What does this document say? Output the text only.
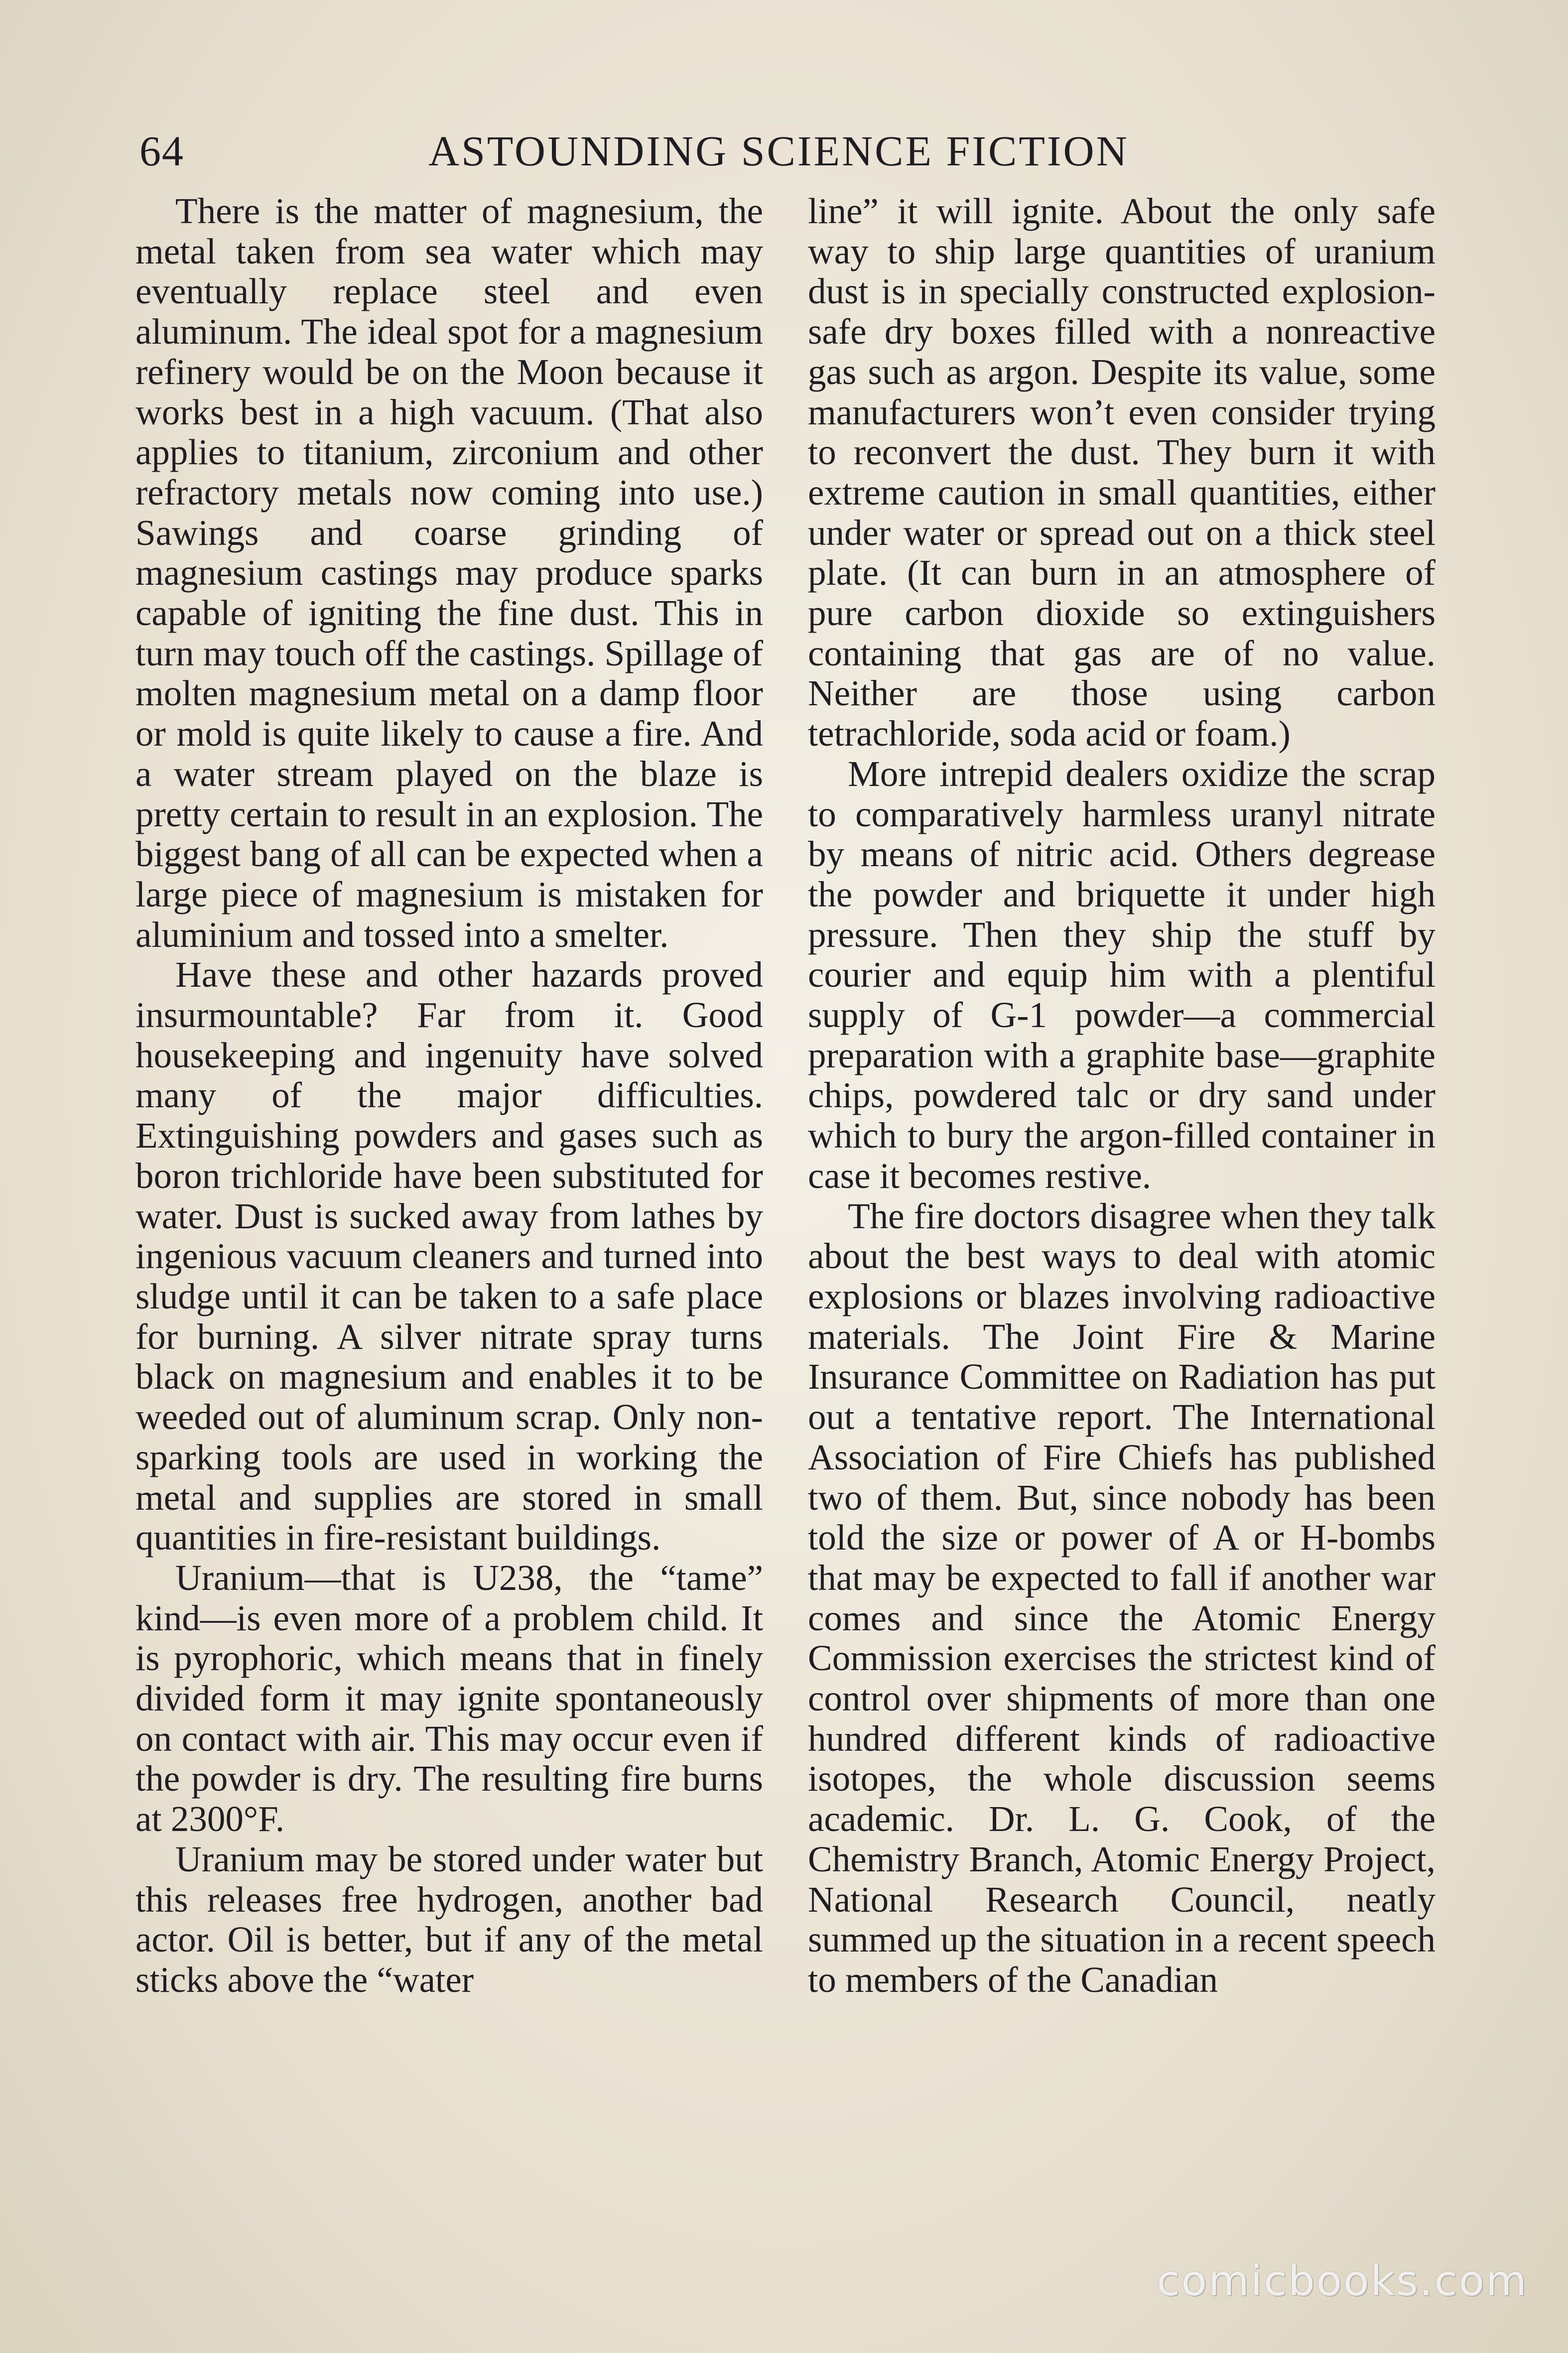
64	ASTOUNDING SCIENCE FICTION

There is the matter of magnesium, the metal taken from sea water which may eventually replace steel and even aluminum. The ideal spot for a magnesium refinery would be on the Moon because it works best in a high vacuum. (That also applies to titanium, zirconium and other refractory metals now coming into use.) Sawings and coarse grinding of magnesium castings may produce sparks capable of igniting the fine dust. This in turn may touch off the castings. Spillage of molten magnesium metal on a damp floor or mold is quite likely to cause a fire. And a water stream played on the blaze is pretty certain to result in an explosion. The biggest bang of all can be expected when a large piece of magnesium is mistaken for aluminium and tossed into a smelter.

Have these and other hazards proved insurmountable? Far from it. Good housekeeping and ingenuity have solved many of the major difficulties. Extinguishing powders and gases such as boron trichloride have been substituted for water. Dust is sucked away from lathes by ingenious vacuum cleaners and turned into sludge until it can be taken to a safe place for burning. A silver nitrate spray turns black on magnesium and enables it to be weeded out of aluminum scrap. Only non-sparking tools are used in working the metal and supplies are stored in small quantities in fire-resistant buildings.

Uranium—that is U238, the “tame” kind—is even more of a problem child. It is pyrophoric, which means that in finely divided form it may ignite spontaneously on contact with air. This may occur even if the powder is dry. The resulting fire burns at 2300°F.

Uranium may be stored under water but this releases free hydrogen, another bad actor. Oil is better, but if any of the metal sticks above the “water

line” it will ignite. About the only safe way to ship large quantities of uranium dust is in specially constructed explosion-safe dry boxes filled with a nonreactive gas such as argon. Despite its value, some manufacturers won’t even consider trying to reconvert the dust. They burn it with extreme caution in small quantities, either under water or spread out on a thick steel plate. (It can burn in an atmosphere of pure carbon dioxide so extinguishers containing that gas are of no value. Neither are those using carbon tetrachloride, soda acid or foam.)

More intrepid dealers oxidize the scrap to comparatively harmless uranyl nitrate by means of nitric acid. Others degrease the powder and briquette it under high pressure. Then they ship the stuff by courier and equip him with a plentiful supply of G-1 powder—a commercial preparation with a graphite base—graphite chips, powdered talc or dry sand under which to bury the argon-filled container in case it becomes restive.

The fire doctors disagree when they talk about the best ways to deal with atomic explosions or blazes involving radioactive materials. The Joint Fire & Marine Insurance Committee on Radiation has put out a tentative report. The International Association of Fire Chiefs has published two of them. But, since nobody has been told the size or power of A or H-bombs that may be expected to fall if another war comes and since the Atomic Energy Commission exercises the strictest kind of control over shipments of more than one hundred different kinds of radioactive isotopes, the whole discussion seems academic. Dr. L. G. Cook, of the Chemistry Branch, Atomic Energy Project, National Research Council, neatly summed up the situation in a recent speech to members of the Canadian

comicbooks.com
